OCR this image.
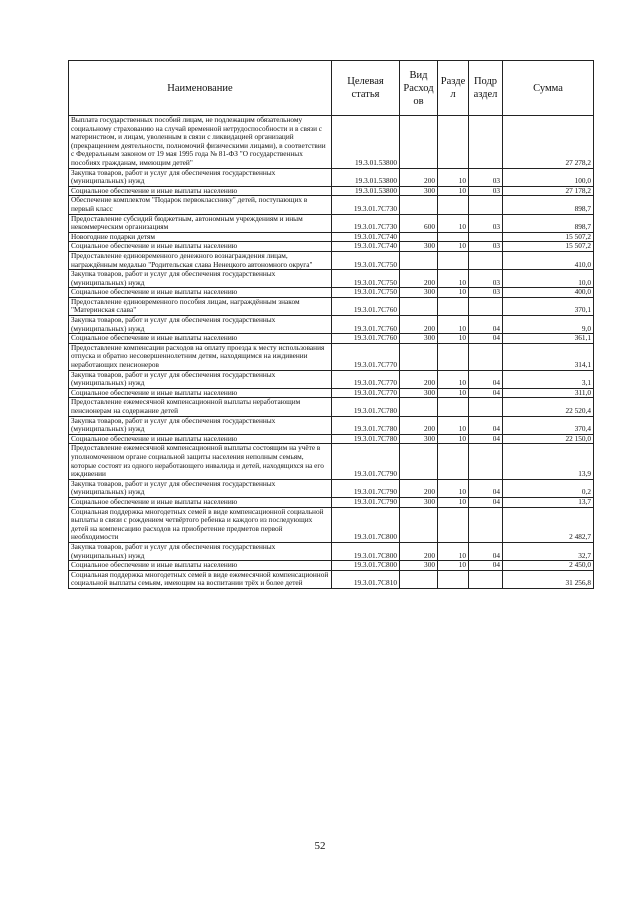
Наименование	Целевая статья	Вид Расход ов	Разде л	Подр аздел	Сумма
Выплата государственных пособий лицам, не подлежащим обязательному социальному страхованию на случай временной нетрудоспособности и в связи с материнством, и лицам, уволенным в связи с ликвидацией организаций (прекращением деятельности, полномочий физическими лицами), в соответствии с Федеральным законом от 19 мая 1995 года № 81-ФЗ "О государственных пособиях гражданам, имеющим детей"	19.3.01.53800				27 278,2
Закупка товаров, работ и услуг для обеспечения государственных (муниципальных) нужд	19.3.01.53800	200	10	03	100,0
Социальное обеспечение и иные выплаты населению	19.3.01.53800	300	10	03	27 178,2
Обеспечение комплектом "Подарок первокласснику" детей, поступающих в первый класс	19.3.01.7С730				898,7
Предоставление субсидий бюджетным, автономным учреждениям и иным некоммерческим организациям	19.3.01.7С730	600	10	03	898,7
Новогодние подарки детям	19.3.01.7С740				15 507,2
Социальное обеспечение и иные выплаты населению	19.3.01.7С740	300	10	03	15 507,2
Предоставление единовременного денежного вознаграждения лицам, награждённым медалью "Родительская слава Ненецкого автономного округа"	19.3.01.7С750				410,0
Закупка товаров, работ и услуг для обеспечения государственных (муниципальных) нужд	19.3.01.7С750	200	10	03	10,0
Социальное обеспечение и иные выплаты населению	19.3.01.7С750	300	10	03	400,0
Предоставление единовременного пособия лицам, награждённым знаком "Материнская слава"	19.3.01.7С760				370,1
Закупка товаров, работ и услуг для обеспечения государственных (муниципальных) нужд	19.3.01.7С760	200	10	04	9,0
Социальное обеспечение и иные выплаты населению	19.3.01.7С760	300	10	04	361,1
Предоставление компенсации расходов на оплату проезда к месту использования отпуска и обратно несовершеннолетним детям, находящимся на иждивении неработающих пенсионеров	19.3.01.7С770				314,1
Закупка товаров, работ и услуг для обеспечения государственных (муниципальных) нужд	19.3.01.7С770	200	10	04	3,1
Социальное обеспечение и иные выплаты населению	19.3.01.7С770	300	10	04	311,0
Предоставление ежемесячной компенсационной выплаты неработающим пенсионерам на содержание детей	19.3.01.7С780				22 520,4
Закупка товаров, работ и услуг для обеспечения государственных (муниципальных) нужд	19.3.01.7С780	200	10	04	370,4
Социальное обеспечение и иные выплаты населению	19.3.01.7С780	300	10	04	22 150,0
Предоставление ежемесячной компенсационной выплаты состоящим на учёте в уполномоченном органе социальной защиты населения неполным семьям, которые состоят из одного неработающего инвалида и детей, находящихся на его иждивении	19.3.01.7С790				13,9
Закупка товаров, работ и услуг для обеспечения государственных (муниципальных) нужд	19.3.01.7С790	200	10	04	0,2
Социальное обеспечение и иные выплаты населению	19.3.01.7С790	300	10	04	13,7
Социальная поддержка многодетных семей в виде компенсационной социальной выплаты в связи с рождением четвёртого ребенка и каждого из последующих детей на компенсацию расходов на приобретение предметов первой необходимости	19.3.01.7С800				2 482,7
Закупка товаров, работ и услуг для обеспечения государственных (муниципальных) нужд	19.3.01.7С800	200	10	04	32,7
Социальное обеспечение и иные выплаты населению	19.3.01.7С800	300	10	04	2 450,0
Социальная поддержка многодетных семей в виде ежемесячной компенсационной социальной выплаты семьям, имеющим на воспитании трёх и более детей	19.3.01.7С810				31 256,8
52
